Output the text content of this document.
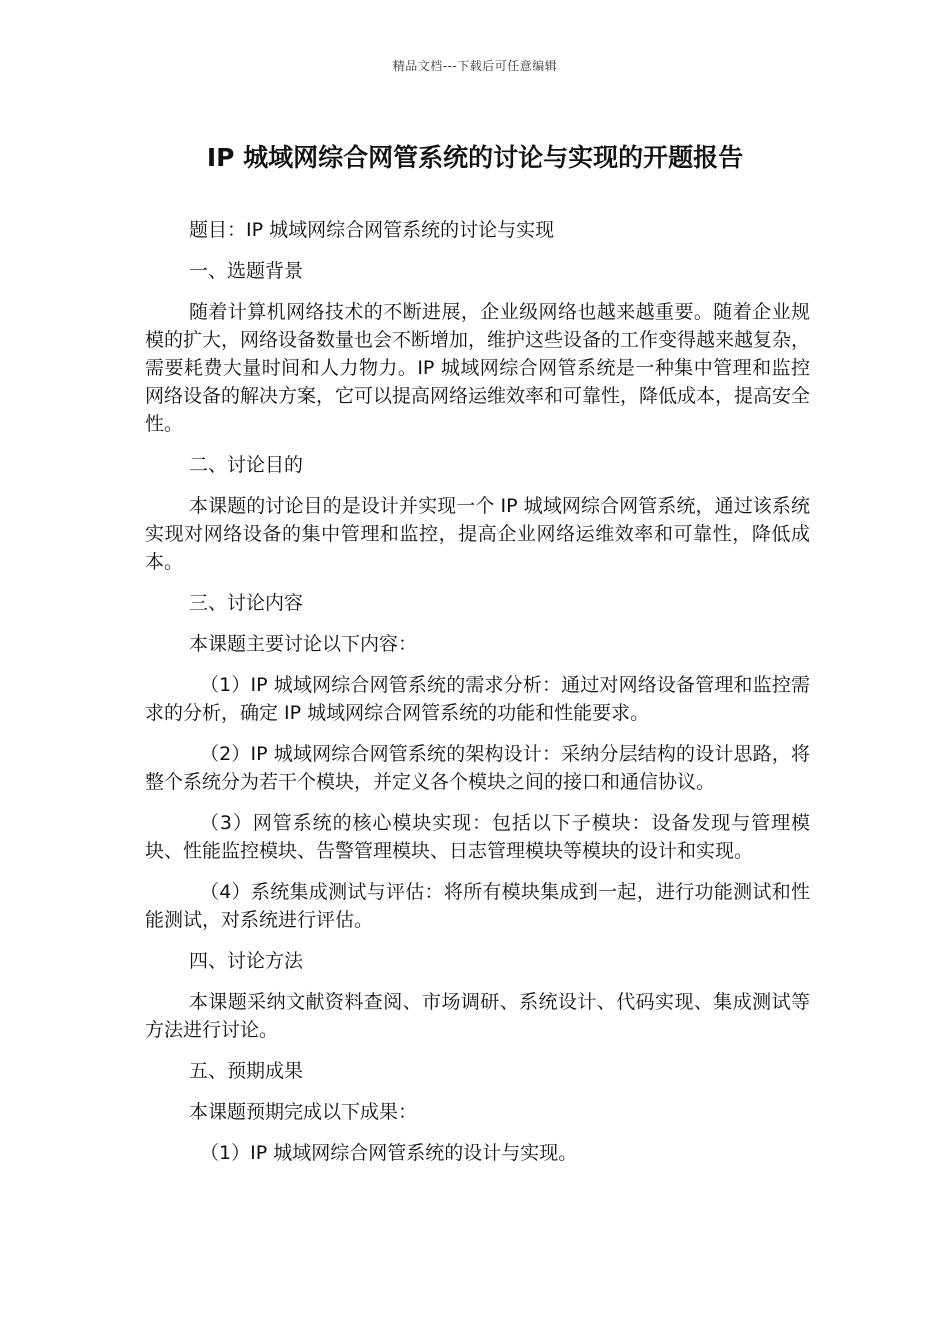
精品文档---下载后可任意编辑
IP 城域网综合网管系统的讨论与实现的开题报告

题目：IP 城域网综合网管系统的讨论与实现

一、选题背景

随着计算机网络技术的不断进展，企业级网络也越来越重要。随着企业规模的扩大，网络设备数量也会不断增加，维护这些设备的工作变得越来越复杂，需要耗费大量时间和人力物力。IP 城域网综合网管系统是一种集中管理和监控网络设备的解决方案，它可以提高网络运维效率和可靠性，降低成本，提高安全性。

二、讨论目的

本课题的讨论目的是设计并实现一个 IP 城域网综合网管系统，通过该系统实现对网络设备的集中管理和监控，提高企业网络运维效率和可靠性，降低成本。

三、讨论内容

本课题主要讨论以下内容：

（1）IP 城域网综合网管系统的需求分析：通过对网络设备管理和监控需求的分析，确定 IP 城域网综合网管系统的功能和性能要求。

（2）IP 城域网综合网管系统的架构设计：采纳分层结构的设计思路，将整个系统分为若干个模块，并定义各个模块之间的接口和通信协议。

（3）网管系统的核心模块实现：包括以下子模块：设备发现与管理模块、性能监控模块、告警管理模块、日志管理模块等模块的设计和实现。

（4）系统集成测试与评估：将所有模块集成到一起，进行功能测试和性能测试，对系统进行评估。

四、讨论方法

本课题采纳文献资料查阅、市场调研、系统设计、代码实现、集成测试等方法进行讨论。

五、预期成果

本课题预期完成以下成果：

（1）IP 城域网综合网管系统的设计与实现。
